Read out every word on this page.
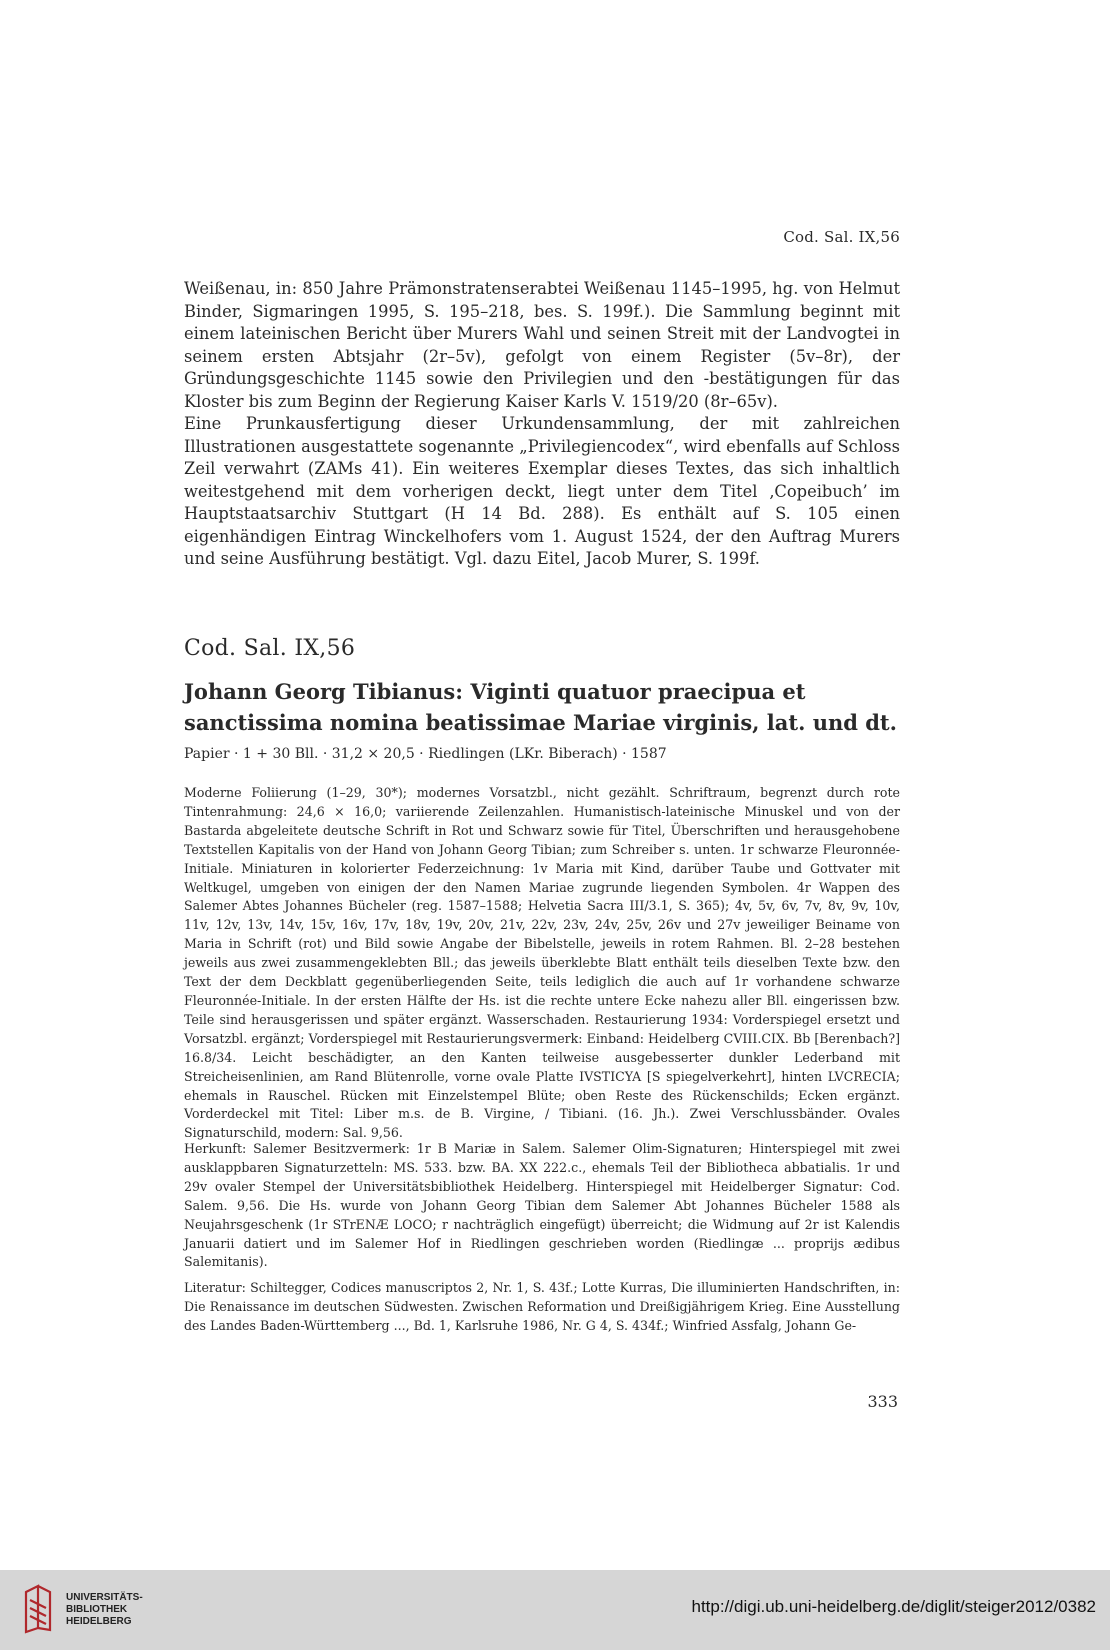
Cod. Sal. IX,56
Weißenau, in: 850 Jahre Prämonstratenserabtei Weißenau 1145–1995, hg. von Helmut Binder, Sigmaringen 1995, S. 195–218, bes. S. 199f.). Die Sammlung beginnt mit einem lateinischen Bericht über Murers Wahl und seinen Streit mit der Landvogtei in seinem ersten Abtsjahr (2r–5v), gefolgt von einem Register (5v–8r), der Gründungsgeschichte 1145 sowie den Privilegien und den -bestätigungen für das Kloster bis zum Beginn der Regierung Kaiser Karls V. 1519/20 (8r–65v).
Eine Prunkausfertigung dieser Urkundensammlung, der mit zahlreichen Illustrationen ausgestattete sogenannte „Privilegiencodex“, wird ebenfalls auf Schloss Zeil verwahrt (ZAMs 41). Ein weiteres Exemplar dieses Textes, das sich inhaltlich weitestgehend mit dem vorherigen deckt, liegt unter dem Titel ‚Copeibuch’ im Hauptstaatsarchiv Stuttgart (H 14 Bd. 288). Es enthält auf S. 105 einen eigenhändigen Eintrag Winckelhofers vom 1. August 1524, der den Auftrag Murers und seine Ausführung bestätigt. Vgl. dazu Eitel, Jacob Murer, S. 199f.
Cod. Sal. IX,56
Johann Georg Tibianus: Viginti quatuor praecipua et sanctissima nomina beatissimae Mariae virginis, lat. und dt.
Papier · 1 + 30 Bll. · 31,2 × 20,5 · Riedlingen (LKr. Biberach) · 1587
Moderne Foliierung (1–29, 30*); modernes Vorsatzbl., nicht gezählt. Schriftraum, begrenzt durch rote Tintenrahmung: 24,6 × 16,0; variierende Zeilenzahlen. Humanistisch-lateinische Minuskel und von der Bastarda abgeleitete deutsche Schrift in Rot und Schwarz sowie für Titel, Überschriften und herausgehobene Textstellen Kapitalis von der Hand von Johann Georg Tibian; zum Schreiber s. unten. 1r schwarze Fleuronnée-Initiale. Miniaturen in kolorierter Federzeichnung: 1v Maria mit Kind, darüber Taube und Gottvater mit Weltkugel, umgeben von einigen der den Namen Mariae zugrunde liegenden Symbolen. 4r Wappen des Salemer Abtes Johannes Bücheler (reg. 1587–1588; Helvetia Sacra III/3.1, S. 365); 4v, 5v, 6v, 7v, 8v, 9v, 10v, 11v, 12v, 13v, 14v, 15v, 16v, 17v, 18v, 19v, 20v, 21v, 22v, 23v, 24v, 25v, 26v und 27v jeweiliger Beiname von Maria in Schrift (rot) und Bild sowie Angabe der Bibelstelle, jeweils in rotem Rahmen. Bl. 2–28 bestehen jeweils aus zwei zusammengeklebten Bll.; das jeweils überklebte Blatt enthält teils dieselben Texte bzw. den Text der dem Deckblatt gegenüberliegenden Seite, teils lediglich die auch auf 1r vorhandene schwarze Fleuronnée-Initiale. In der ersten Hälfte der Hs. ist die rechte untere Ecke nahezu aller Bll. eingerissen bzw. Teile sind herausgerissen und später ergänzt. Wasserschaden. Restaurierung 1934: Vorderspiegel ersetzt und Vorsatzbl. ergänzt; Vorderspiegel mit Restaurierungsvermerk: Einband: Heidelberg CVIII.CIX. Bb [Berenbach?] 16.8/34. Leicht beschädigter, an den Kanten teilweise ausgebesserter dunkler Lederband mit Streicheisenlinien, am Rand Blütenrolle, vorne ovale Platte IVSTICYA [S spiegelverkehrt], hinten LVCRECIA; ehemals in Rauschel. Rücken mit Einzelstempel Blüte; oben Reste des Rückenschilds; Ecken ergänzt. Vorderdeckel mit Titel: Liber m.s. de B. Virgine, / Tibiani. (16. Jh.). Zwei Verschlussbänder. Ovales Signaturschild, modern: Sal. 9,56.
Herkunft: Salemer Besitzvermerk: 1r B Mariæ in Salem. Salemer Olim-Signaturen; Hinterspiegel mit zwei ausklappbaren Signaturzetteln: MS. 533. bzw. BA. XX 222.c., ehemals Teil der Bibliotheca abbatialis. 1r und 29v ovaler Stempel der Universitätsbibliothek Heidelberg. Hinterspiegel mit Heidelberger Signatur: Cod. Salem. 9,56. Die Hs. wurde von Johann Georg Tibian dem Salemer Abt Johannes Bücheler 1588 als Neujahrsgeschenk (1r STrENÆ LOCO; r nachträglich eingefügt) überreicht; die Widmung auf 2r ist Kalendis Januarii datiert und im Salemer Hof in Riedlingen geschrieben worden (Riedlingæ ... proprijs ædibus Salemitanis).
Literatur: Schiltegger, Codices manuscriptos 2, Nr. 1, S. 43f.; Lotte Kurras, Die illuminierten Handschriften, in: Die Renaissance im deutschen Südwesten. Zwischen Reformation und Dreißigjährigem Krieg. Eine Ausstellung des Landes Baden-Württemberg ..., Bd. 1, Karlsruhe 1986, Nr. G 4, S. 434f.; Winfried Assfalg, Johann Ge-
333
UNIVERSITÄTS-
BIBLIOTHEK
HEIDELBERG
http://digi.ub.uni-heidelberg.de/diglit/steiger2012/0382
